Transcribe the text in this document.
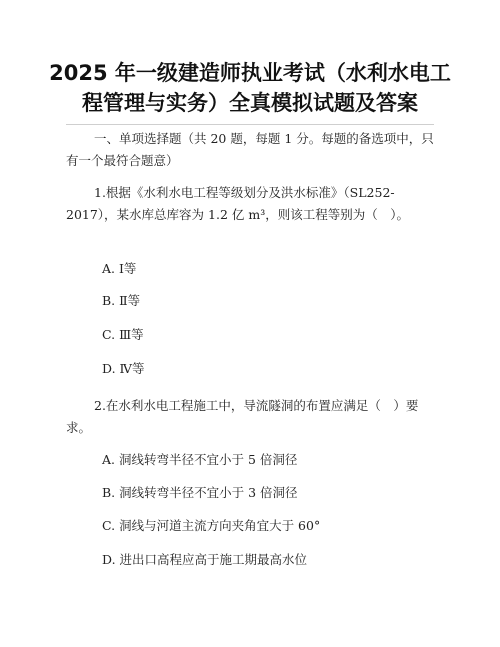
2025 年一级建造师执业考试（水利水电工程管理与实务）全真模拟试题及答案
一、单项选择题（共 20 题，每题 1 分。每题的备选项中，只有一个最符合题意）
1.根据《水利水电工程等级划分及洪水标准》（SL252-2017），某水库总库容为 1.2 亿 m³，则该工程等别为（　）。
A. Ⅰ等
B. Ⅱ等
C. Ⅲ等
D. Ⅳ等
2.在水利水电工程施工中，导流隧洞的布置应满足（　）要求。
A. 洞线转弯半径不宜小于 5 倍洞径
B. 洞线转弯半径不宜小于 3 倍洞径
C. 洞线与河道主流方向夹角宜大于 60°
D. 进出口高程应高于施工期最高水位
